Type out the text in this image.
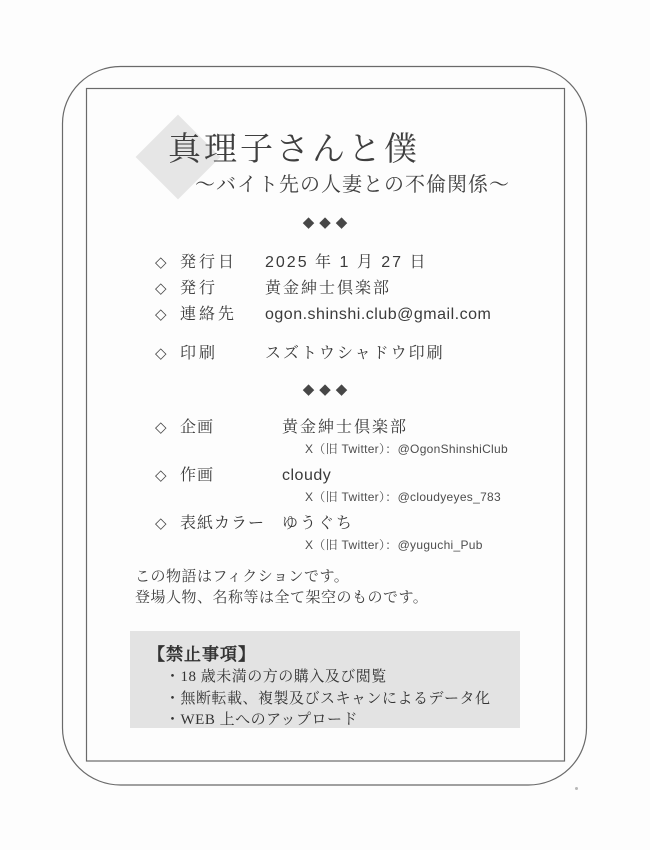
真理子さんと僕
～バイト先の人妻との不倫関係～
◆◆◆
◇ 発行日	2025 年 1 月 27 日
◇ 発行	黄金紳士倶楽部
◇ 連絡先	ogon.shinshi.club@gmail.com
◇ 印刷	スズトウシャドウ印刷
◆◆◆
◇ 企画	黄金紳士倶楽部
X（旧 Twitter）：@OgonShinshiClub
◇ 作画	cloudy
X（旧 Twitter）：@cloudyeyes_783
◇ 表紙カラー	ゆうぐち
X（旧 Twitter）：@yuguchi_Pub
この物語はフィクションです。
登場人物、名称等は全て架空のものです。
【禁止事項】
・18 歳未満の方の購入及び閲覧
・無断転載、複製及びスキャンによるデータ化
・WEB 上へのアップロード
